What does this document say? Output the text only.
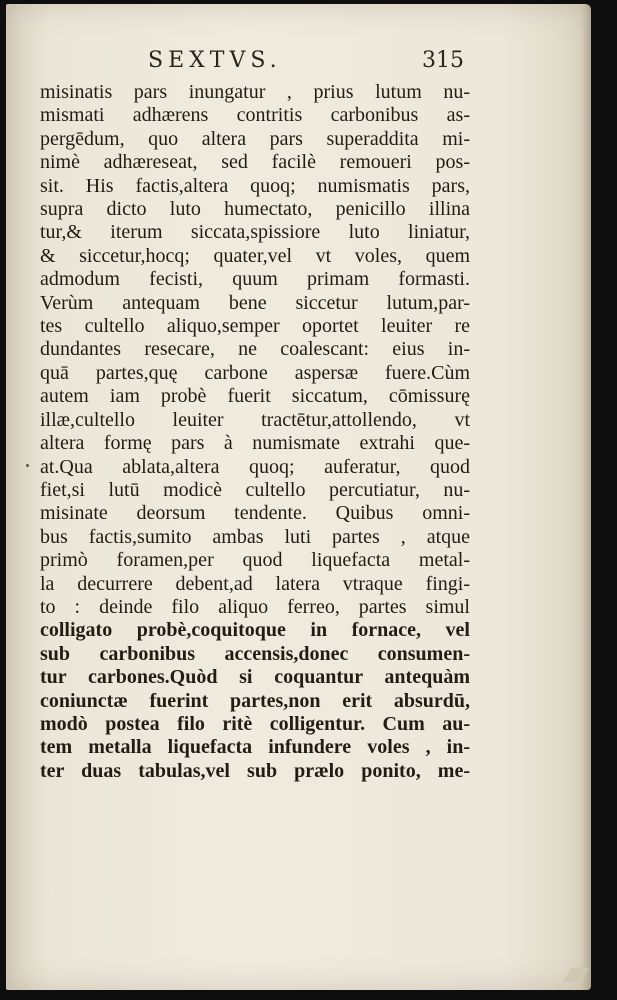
SEXTVS.	315
misinatis pars inungatur , prius lutum nu-
mismati adhærens contritis carbonibus as-
pergēdum, quo altera pars superaddita mi-
nimè adhæreseat, sed facilè remoueri pos-
sit. His factis,altera quoq; numismatis pars,
supra dicto luto humectato, penicillo illina
tur,& iterum siccata,spissiore luto liniatur,
& siccetur,hocq; quater,vel vt voles, quem
admodum fecisti, quum primam formasti.
Verùm antequam bene siccetur lutum,par-
tes cultello aliquo,semper oportet leuiter re
dundantes resecare, ne coalescant: eius in-
quā partes,quę carbone aspersæ fuere.Cùm
autem iam probè fuerit siccatum, cōmissurę
illæ,cultello leuiter tractētur,attollendo, vt
altera formę pars à numismate extrahi que-
at.Qua ablata,altera quoq; auferatur, quod
fiet,si lutū modicè cultello percutiatur, nu-
misinate deorsum tendente. Quibus omni-
bus factis,sumito ambas luti partes , atque
primò foramen,per quod liquefacta metal-
la decurrere debent,ad latera vtraque fingi-
to : deinde filo aliquo ferreo, partes simul
colligato probè,coquitoque in fornace, vel
sub carbonibus accensis,donec consumen-
tur carbones.Quòd si coquantur antequàm
coniunctæ fuerint partes,non erit absurdū,
modò postea filo ritè colligentur. Cum au-
tem metalla liquefacta infundere voles , in-
ter duas tabulas,vel sub prælo ponito, me-
